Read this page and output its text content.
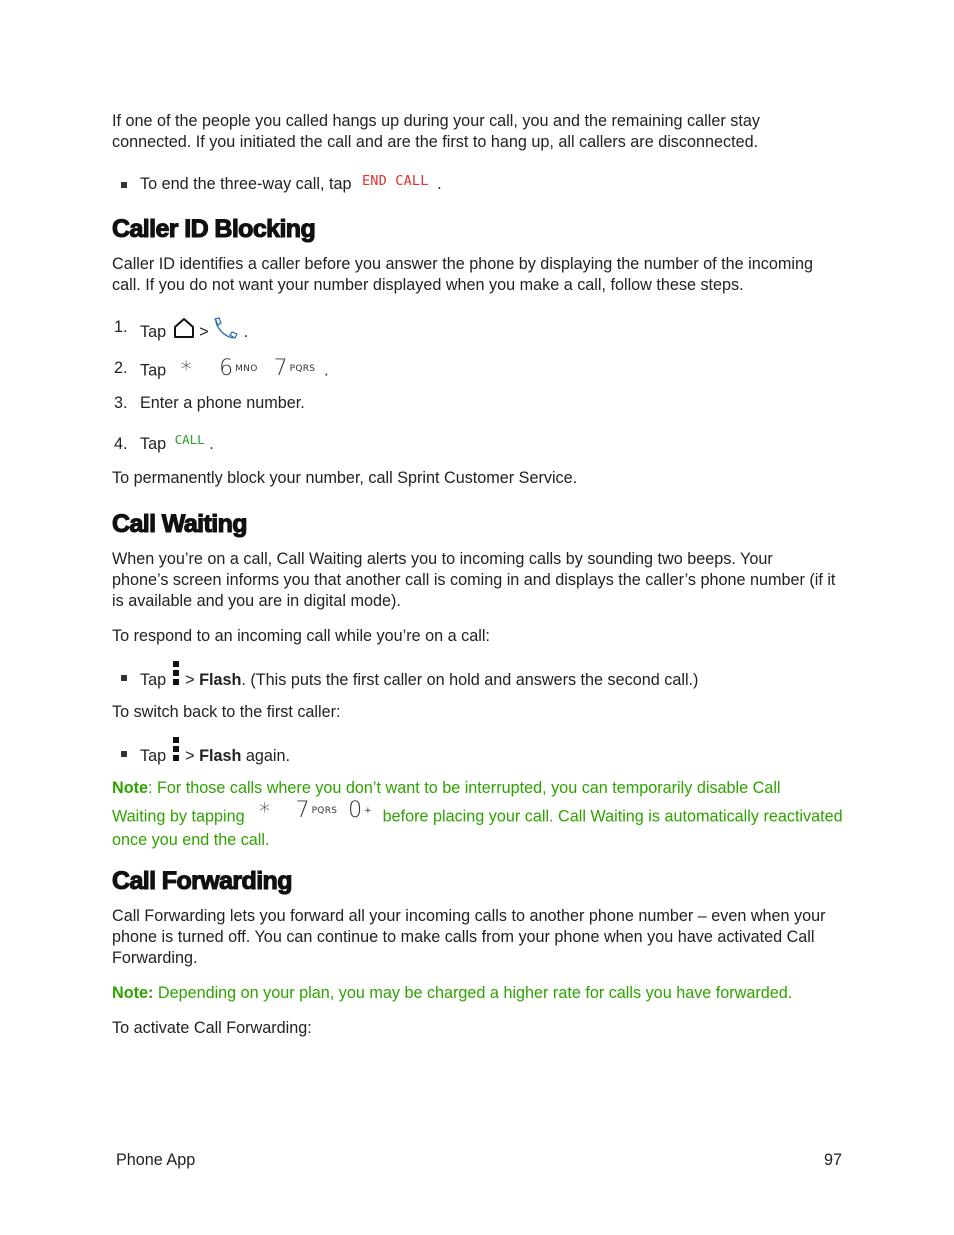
If one of the people you called hangs up during your call, you and the remaining caller stay
connected. If you initiated the call and are the first to hang up, all callers are disconnected.
To end the three-way call, tap $^{END CALL}$ .
Caller ID Blocking
Caller ID identifies a caller before you answer the phone by displaying the number of the incoming
call. If you do not want your number displayed when you make a call, follow these steps.
1. Tap > .
2. Tap * 6 $^{MNO}$ 7 $^{PQRS}$ .
3. Enter a phone number.
4. Tap $^{CALL}$ .
To permanently block your number, call Sprint Customer Service.
Call Waiting
When you’re on a call, Call Waiting alerts you to incoming calls by sounding two beeps. Your
phone’s screen informs you that another call is coming in and displays the caller’s phone number (if it
is available and you are in digital mode).
To respond to an incoming call while you’re on a call:
Tap > Flash. (This puts the first caller on hold and answers the second call.)
To switch back to the first caller:
Tap > Flash again.
Note: For those calls where you don’t want to be interrupted, you can temporarily disable Call
Waiting by tapping * 7 $^{PQRS}$ 0 + before placing your call. Call Waiting is automatically reactivated
once you end the call.
Call Forwarding
Call Forwarding lets you forward all your incoming calls to another phone number – even when your
phone is turned off. You can continue to make calls from your phone when you have activated Call
Forwarding.
Note: Depending on your plan, you may be charged a higher rate for calls you have forwarded.
To activate Call Forwarding:
Phone App	97
